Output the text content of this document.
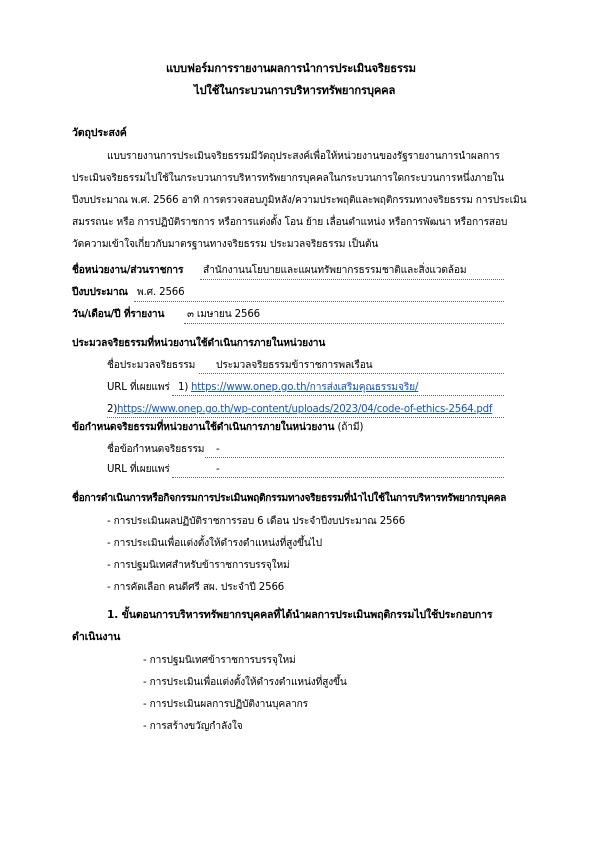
แบบฟอร์มการรายงานผลการนำการประเมินจริยธรรม
ไปใช้ในกระบวนการบริหารทรัพยากรบุคคล
วัตถุประสงค์
แบบรายงานการประเมินจริยธรรมมีวัตถุประสงค์เพื่อให้หน่วยงานของรัฐรายงานการนำผลการ
ประเมินจริยธรรมไปใช้ในกระบวนการบริหารทรัพยากรบุคคลในกระบวนการใดกระบวนการหนึ่งภายใน
ปีงบประมาณ พ.ศ. 2566 อาทิ การตรวจสอบภูมิหลัง/ความประพฤติและพฤติกรรมทางจริยธรรม การประเมิน
สมรรถนะ หรือ การปฏิบัติราชการ หรือการแต่งตั้ง โอน ย้าย เลื่อนตำแหน่ง หรือการพัฒนา หรือการสอบ
วัดความเข้าใจเกี่ยวกับมาตรฐานทางจริยธรรม ประมวลจริยธรรม เป็นต้น
ชื่อหน่วยงาน/ส่วนราชการ สำนักงานนโยบายและแผนทรัพยากรธรรมชาติและสิ่งแวดล้อม
ปีงบประมาณ พ.ศ. 2566
วัน/เดือน/ปี ที่รายงาน ๓ เมษายน 2566
ประมวลจริยธรรมที่หน่วยงานใช้ดำเนินการภายในหน่วยงาน
ชื่อประมวลจริยธรรม ประมวลจริยธรรมข้าราชการพลเรือน
URL ที่เผยแพร่ 1) https://www.onep.go.th/การส่งเสริมคุณธรรมจริย/
2) https://www.onep.go.th/wp-content/uploads/2023/04/code-of-ethics-2564.pdf
ข้อกำหนดจริยธรรมที่หน่วยงานใช้ดำเนินการภายในหน่วยงาน (ถ้ามี)
ชื่อข้อกำหนดจริยธรรม -
URL ที่เผยแพร่	-
ชื่อการดำเนินการหรือกิจกรรมการประเมินพฤติกรรมทางจริยธรรมที่นำไปใช้ในการบริหารทรัพยากรบุคคล
- การประเมินผลปฏิบัติราชการรอบ 6 เดือน ประจำปีงบประมาณ 2566
- การประเมินเพื่อแต่งตั้งให้ดำรงตำแหน่งที่สูงขึ้นไป
- การปฐมนิเทศสำหรับข้าราชการบรรจุใหม่
- การคัดเลือก คนดีศรี สผ. ประจำปี 2566
1. ขั้นตอนการบริหารทรัพยากรบุคคลที่ได้นำผลการประเมินพฤติกรรมไปใช้ประกอบการ
ดำเนินงาน
- การปฐมนิเทศข้าราชการบรรจุใหม่
- การประเมินเพื่อแต่งตั้งให้ดำรงตำแหน่งที่สูงขึ้น
- การประเมินผลการปฏิบัติงานบุคลากร
- การสร้างขวัญกำลังใจ
